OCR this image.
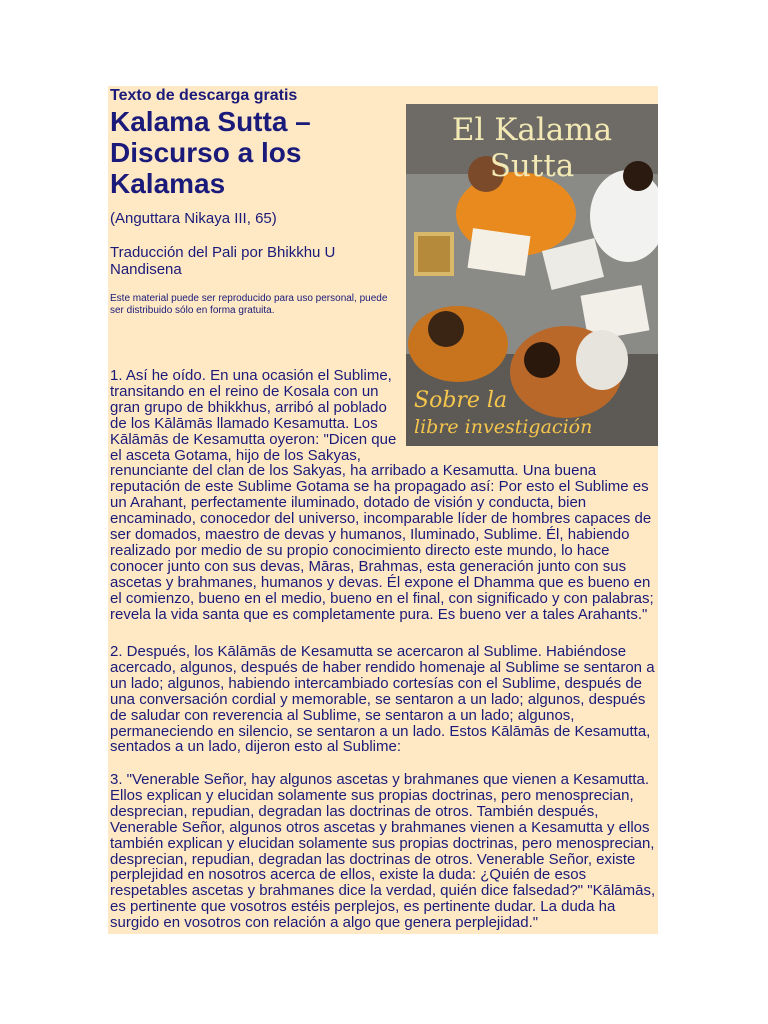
Texto de descarga gratis

Kalama Sutta – Discurso a los Kalamas

(Anguttara Nikaya III, 65)

Traducción del Pali por Bhikkhu U Nandisena

Este material puede ser reproducido para uso personal, puede ser distribuido sólo en forma gratuita.

1. Así he oído. En una ocasión el Sublime, transitando en el reino de Kosala con un gran grupo de bhikkhus, arribó al poblado de los Kālāmās llamado Kesamutta. Los Kālāmās de Kesamutta oyeron: "Dicen que el asceta Gotama, hijo de los Sakyas, renunciante del clan de los Sakyas, ha arribado a Kesamutta. Una buena reputación de este Sublime Gotama se ha propagado así: Por esto el Sublime es un Arahant, perfectamente iluminado, dotado de visión y conducta, bien encaminado, conocedor del universo, incomparable líder de hombres capaces de ser domados, maestro de devas y humanos, Iluminado, Sublime. Él, habiendo realizado por medio de su propio conocimiento directo este mundo, lo hace conocer junto con sus devas, Māras, Brahmas, esta generación junto con sus ascetas y brahmanes, humanos y devas. Él expone el Dhamma que es bueno en el comienzo, bueno en el medio, bueno en el final, con significado y con palabras; revela la vida santa que es completamente pura. Es bueno ver a tales Arahants."

2. Después, los Kālāmās de Kesamutta se acercaron al Sublime. Habiéndose acercado, algunos, después de haber rendido homenaje al Sublime se sentaron a un lado; algunos, habiendo intercambiado cortesías con el Sublime, después de una conversación cordial y memorable, se sentaron a un lado; algunos, después de saludar con reverencia al Sublime, se sentaron a un lado; algunos, permaneciendo en silencio, se sentaron a un lado. Estos Kālāmās de Kesamutta, sentados a un lado, dijeron esto al Sublime:

3. "Venerable Señor, hay algunos ascetas y brahmanes que vienen a Kesamutta. Ellos explican y elucidan solamente sus propias doctrinas, pero menosprecian, desprecian, repudian, degradan las doctrinas de otros. También después, Venerable Señor, algunos otros ascetas y brahmanes vienen a Kesamutta y ellos también explican y elucidan solamente sus propias doctrinas, pero menosprecian, desprecian, repudian, degradan las doctrinas de otros. Venerable Señor, existe perplejidad en nosotros acerca de ellos, existe la duda: ¿Quién de esos respetables ascetas y brahmanes dice la verdad, quién dice falsedad?" "Kālāmās, es pertinente que vosotros estéis perplejos, es pertinente dudar. La duda ha surgido en vosotros con relación a algo que genera perplejidad."

El Kalama Sutta
Sobre la
libre investigación
